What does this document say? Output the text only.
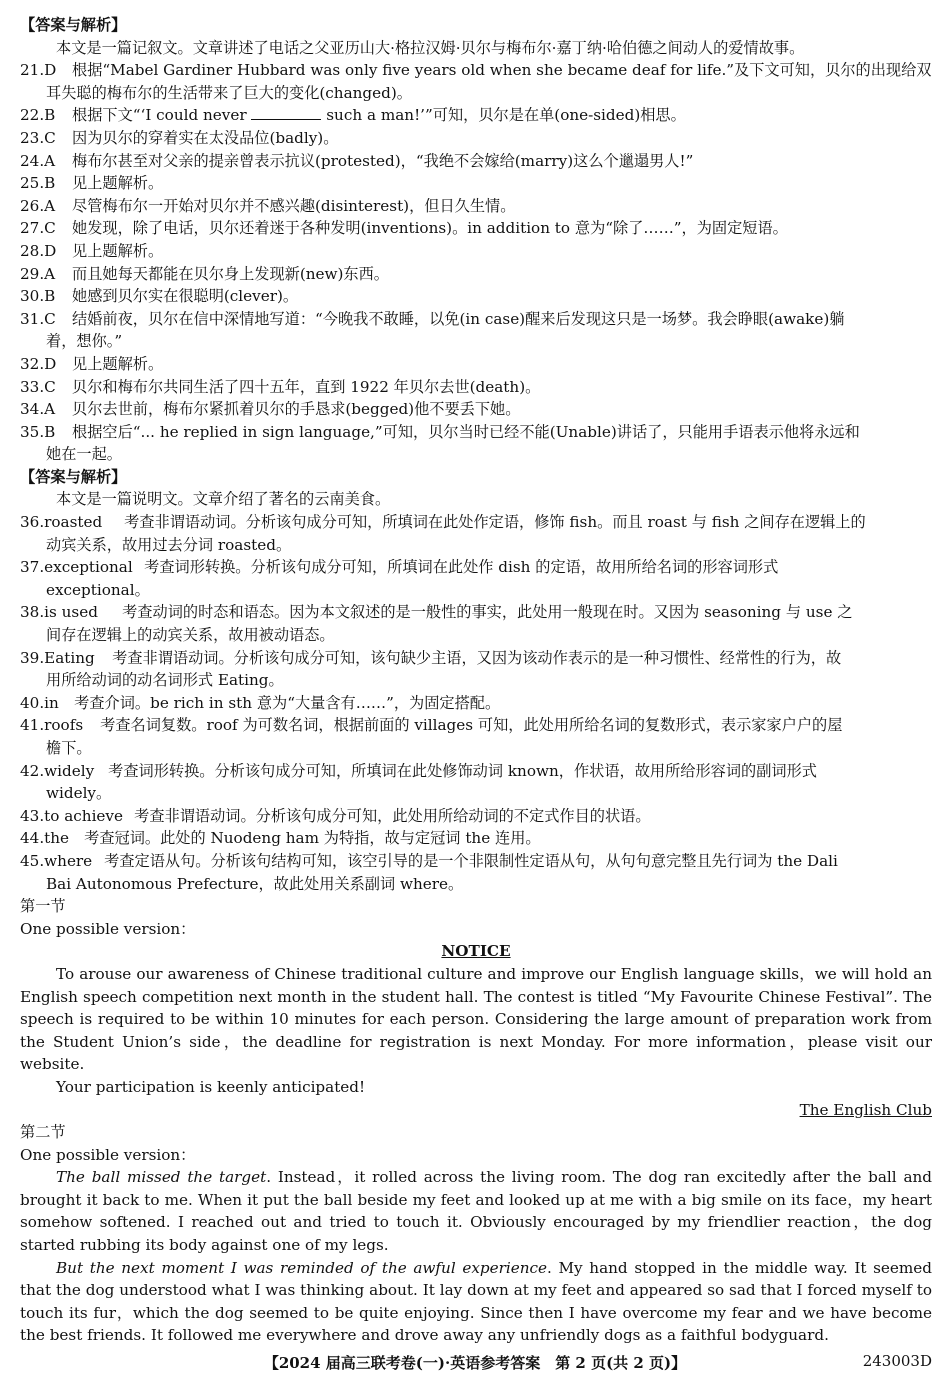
【答案与解析】
本文是一篇记叙文。文章讲述了电话之父亚历山大·格拉汉姆·贝尔与梅布尔·嘉丁纳·哈伯德之间动人的爱情故事。
21.D	根据“Mabel Gardiner Hubbard was only five years old when she became deaf for life.”及下文可知，贝尔的出现给双
耳失聪的梅布尔的生活带来了巨大的变化(changed)。
22.B	根据下文“‘I could never	such a man!’”可知，贝尔是在单(one-sided)相思。
23.C	因为贝尔的穿着实在太没品位(badly)。
24.A	梅布尔甚至对父亲的提亲曾表示抗议(protested)，“我绝不会嫁给(marry)这么个邋遢男人!”
25.B	见上题解析。
26.A	尽管梅布尔一开始对贝尔并不感兴趣(disinterest)，但日久生情。
27.C	她发现，除了电话，贝尔还着迷于各种发明(inventions)。in addition to 意为“除了……”，为固定短语。
28.D	见上题解析。
29.A	而且她每天都能在贝尔身上发现新(new)东西。
30.B	她感到贝尔实在很聪明(clever)。
31.C	结婚前夜，贝尔在信中深情地写道：“今晚我不敢睡，以免(in case)醒来后发现这只是一场梦。我会睁眼(awake)躺
着，想你。”
32.D	见上题解析。
33.C	贝尔和梅布尔共同生活了四十五年，直到 1922 年贝尔去世(death)。
34.A	贝尔去世前，梅布尔紧抓着贝尔的手恳求(begged)他不要丢下她。
35.B	根据空后“... he replied in sign language,”可知，贝尔当时已经不能(Unable)讲话了，只能用手语表示他将永远和
她在一起。
【答案与解析】
本文是一篇说明文。文章介绍了著名的云南美食。
36. roasted	考查非谓语动词。分析该句成分可知，所填词在此处作定语，修饰 fish。而且 roast 与 fish 之间存在逻辑上的
动宾关系，故用过去分词 roasted。
37. exceptional 考查词形转换。分析该句成分可知，所填词在此处作 dish 的定语，故用所给名词的形容词形式
exceptional。
38. is used	考查动词的时态和语态。因为本文叙述的是一般性的事实，此处用一般现在时。又因为 seasoning 与 use 之
间存在逻辑上的动宾关系，故用被动语态。
39. Eating	考查非谓语动词。分析该句成分可知，该句缺少主语，又因为该动作表示的是一种习惯性、经常性的行为，故
用所给动词的动名词形式 Eating。
40. in	考查介词。be rich in sth 意为“大量含有……”，为固定搭配。
41. roofs	考查名词复数。roof 为可数名词，根据前面的 villages 可知，此处用所给名词的复数形式，表示家家户户的屋
檐下。
42. widely 考查词形转换。分析该句成分可知，所填词在此处修饰动词 known，作状语，故用所给形容词的副词形式
widely。
43. to achieve 考查非谓语动词。分析该句成分可知，此处用所给动词的不定式作目的状语。
44. the 考查冠词。此处的 Nuodeng ham 为特指，故与定冠词 the 连用。
45. where 考查定语从句。分析该句结构可知，该空引导的是一个非限制性定语从句，从句句意完整且先行词为 the Dali
Bai Autonomous Prefecture，故此处用关系副词 where。
第一节
One possible version：
NOTICE

To arouse our awareness of Chinese traditional culture and improve our English language skills，we will hold an English speech competition next month in the student hall. The contest is titled “My Favourite Chinese Festival”. The speech is required to be within 10 minutes for each person. Considering the large amount of preparation work from the Student Union’s side，the deadline for registration is next Monday. For more information，please visit our website.

Your participation is keenly anticipated!

The English Club
第二节
One possible version：

The ball missed the target. Instead，it rolled across the living room. The dog ran excitedly after the ball and brought it back to me. When it put the ball beside my feet and looked up at me with a big smile on its face，my heart somehow softened. I reached out and tried to touch it. Obviously encouraged by my friendlier reaction，the dog started rubbing its body against one of my legs.

But the next moment I was reminded of the awful experience. My hand stopped in the middle way. It seemed that the dog understood what I was thinking about. It lay down at my feet and appeared so sad that I forced myself to touch its fur，which the dog seemed to be quite enjoying. Since then I have overcome my fear and we have become the best friends. It followed me everywhere and drove away any unfriendly dogs as a faithful bodyguard.

【2024 届高三联考卷(一)·英语参考答案　第 2 页(共 2 页)】	243003D
